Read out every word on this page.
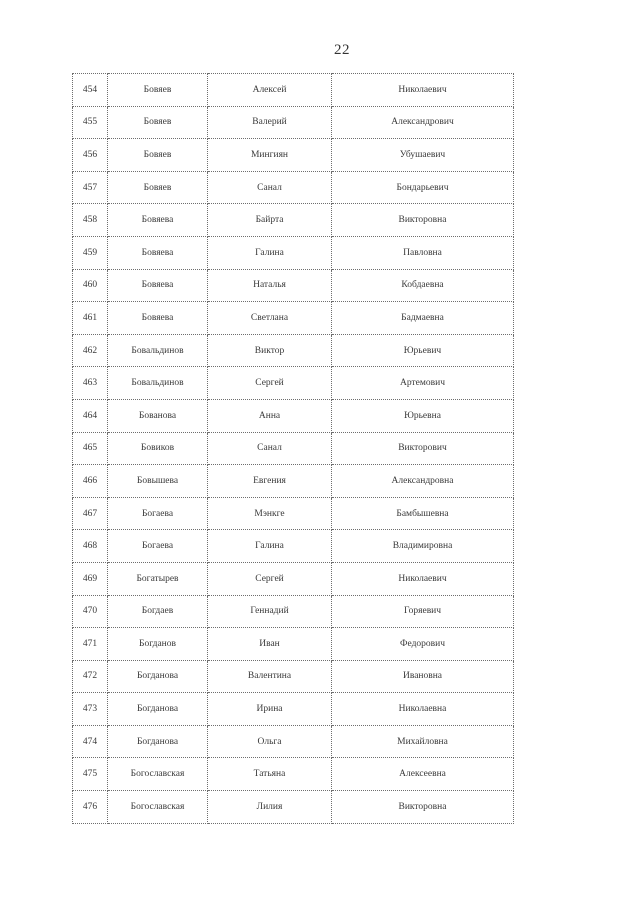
22
454	Бовяев	Алексей	Николаевич
455	Бовяев	Валерий	Александрович
456	Бовяев	Мингиян	Убушаевич
457	Бовяев	Санал	Бондарьевич
458	Бовяева	Байрта	Викторовна
459	Бовяева	Галина	Павловна
460	Бовяева	Наталья	Кобдаевна
461	Бовяева	Светлана	Бадмаевна
462	Бовальдинов	Виктор	Юрьевич
463	Бовальдинов	Сергей	Артемович
464	Бованова	Анна	Юрьевна
465	Бовиков	Санал	Викторович
466	Бовышева	Евгения	Александровна
467	Богаева	Мэнкге	Бамбышевна
468	Богаева	Галина	Владимировна
469	Богатырев	Сергей	Николаевич
470	Богдаев	Геннадий	Горяевич
471	Богданов	Иван	Федорович
472	Богданова	Валентина	Ивановна
473	Богданова	Ирина	Николаевна
474	Богданова	Ольга	Михайловна
475	Богославская	Татьяна	Алексеевна
476	Богославская	Лилия	Викторовна
